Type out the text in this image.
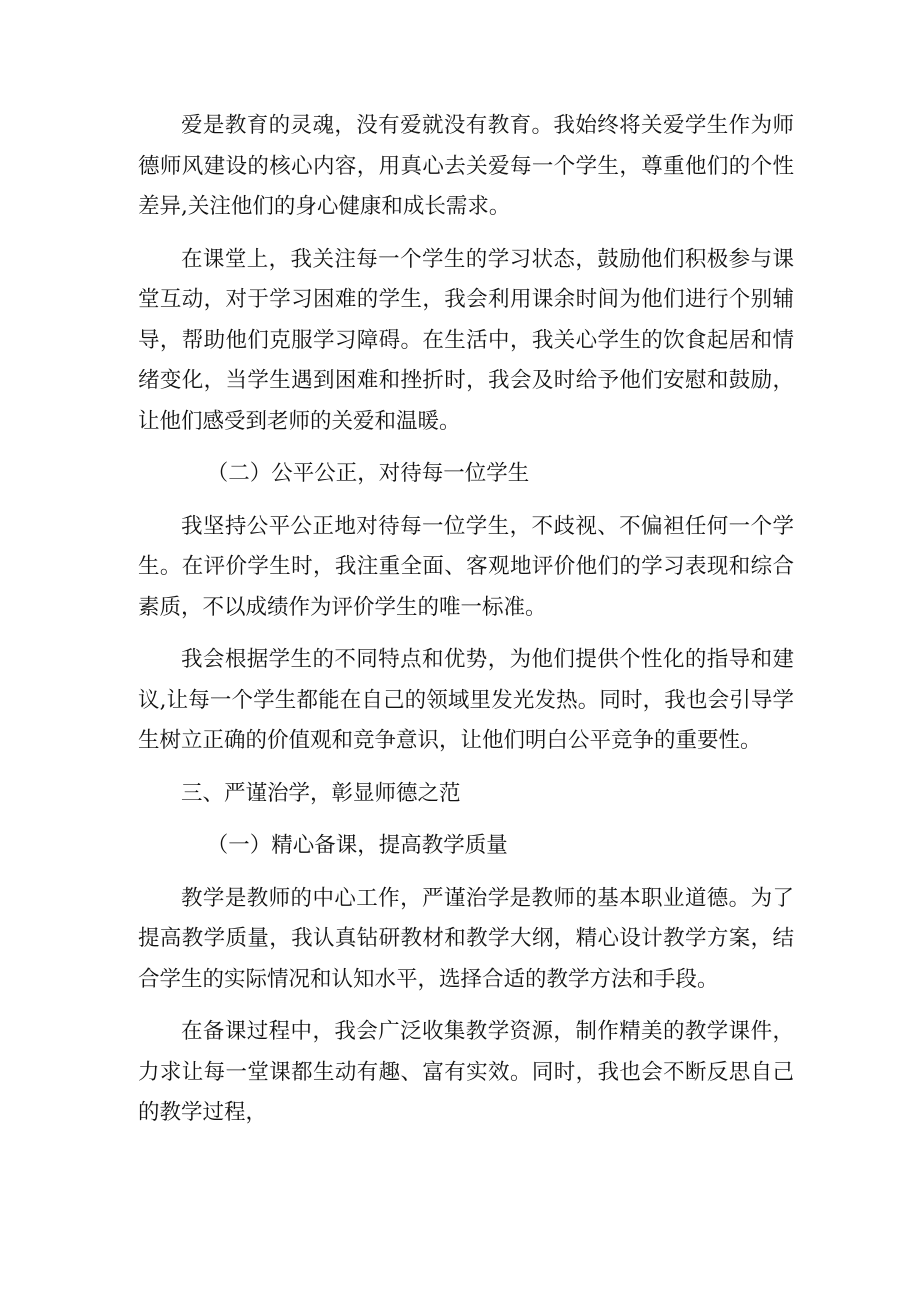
爱是教育的灵魂，没有爱就没有教育。我始终将关爱学生作为师德师风建设的核心内容，用真心去关爱每一个学生，尊重他们的个性差异,关注他们的身心健康和成长需求。

在课堂上，我关注每一个学生的学习状态，鼓励他们积极参与课堂互动，对于学习困难的学生，我会利用课余时间为他们进行个别辅导，帮助他们克服学习障碍。在生活中，我关心学生的饮食起居和情绪变化，当学生遇到困难和挫折时，我会及时给予他们安慰和鼓励，让他们感受到老师的关爱和温暖。

（二）公平公正，对待每一位学生

我坚持公平公正地对待每一位学生，不歧视、不偏袒任何一个学生。在评价学生时，我注重全面、客观地评价他们的学习表现和综合素质，不以成绩作为评价学生的唯一标准。

我会根据学生的不同特点和优势，为他们提供个性化的指导和建议,让每一个学生都能在自己的领域里发光发热。同时，我也会引导学生树立正确的价值观和竞争意识，让他们明白公平竞争的重要性。

三、严谨治学，彰显师德之范

（一）精心备课，提高教学质量

教学是教师的中心工作，严谨治学是教师的基本职业道德。为了提高教学质量，我认真钻研教材和教学大纲，精心设计教学方案，结合学生的实际情况和认知水平，选择合适的教学方法和手段。

在备课过程中，我会广泛收集教学资源，制作精美的教学课件，力求让每一堂课都生动有趣、富有实效。同时，我也会不断反思自己的教学过程，
